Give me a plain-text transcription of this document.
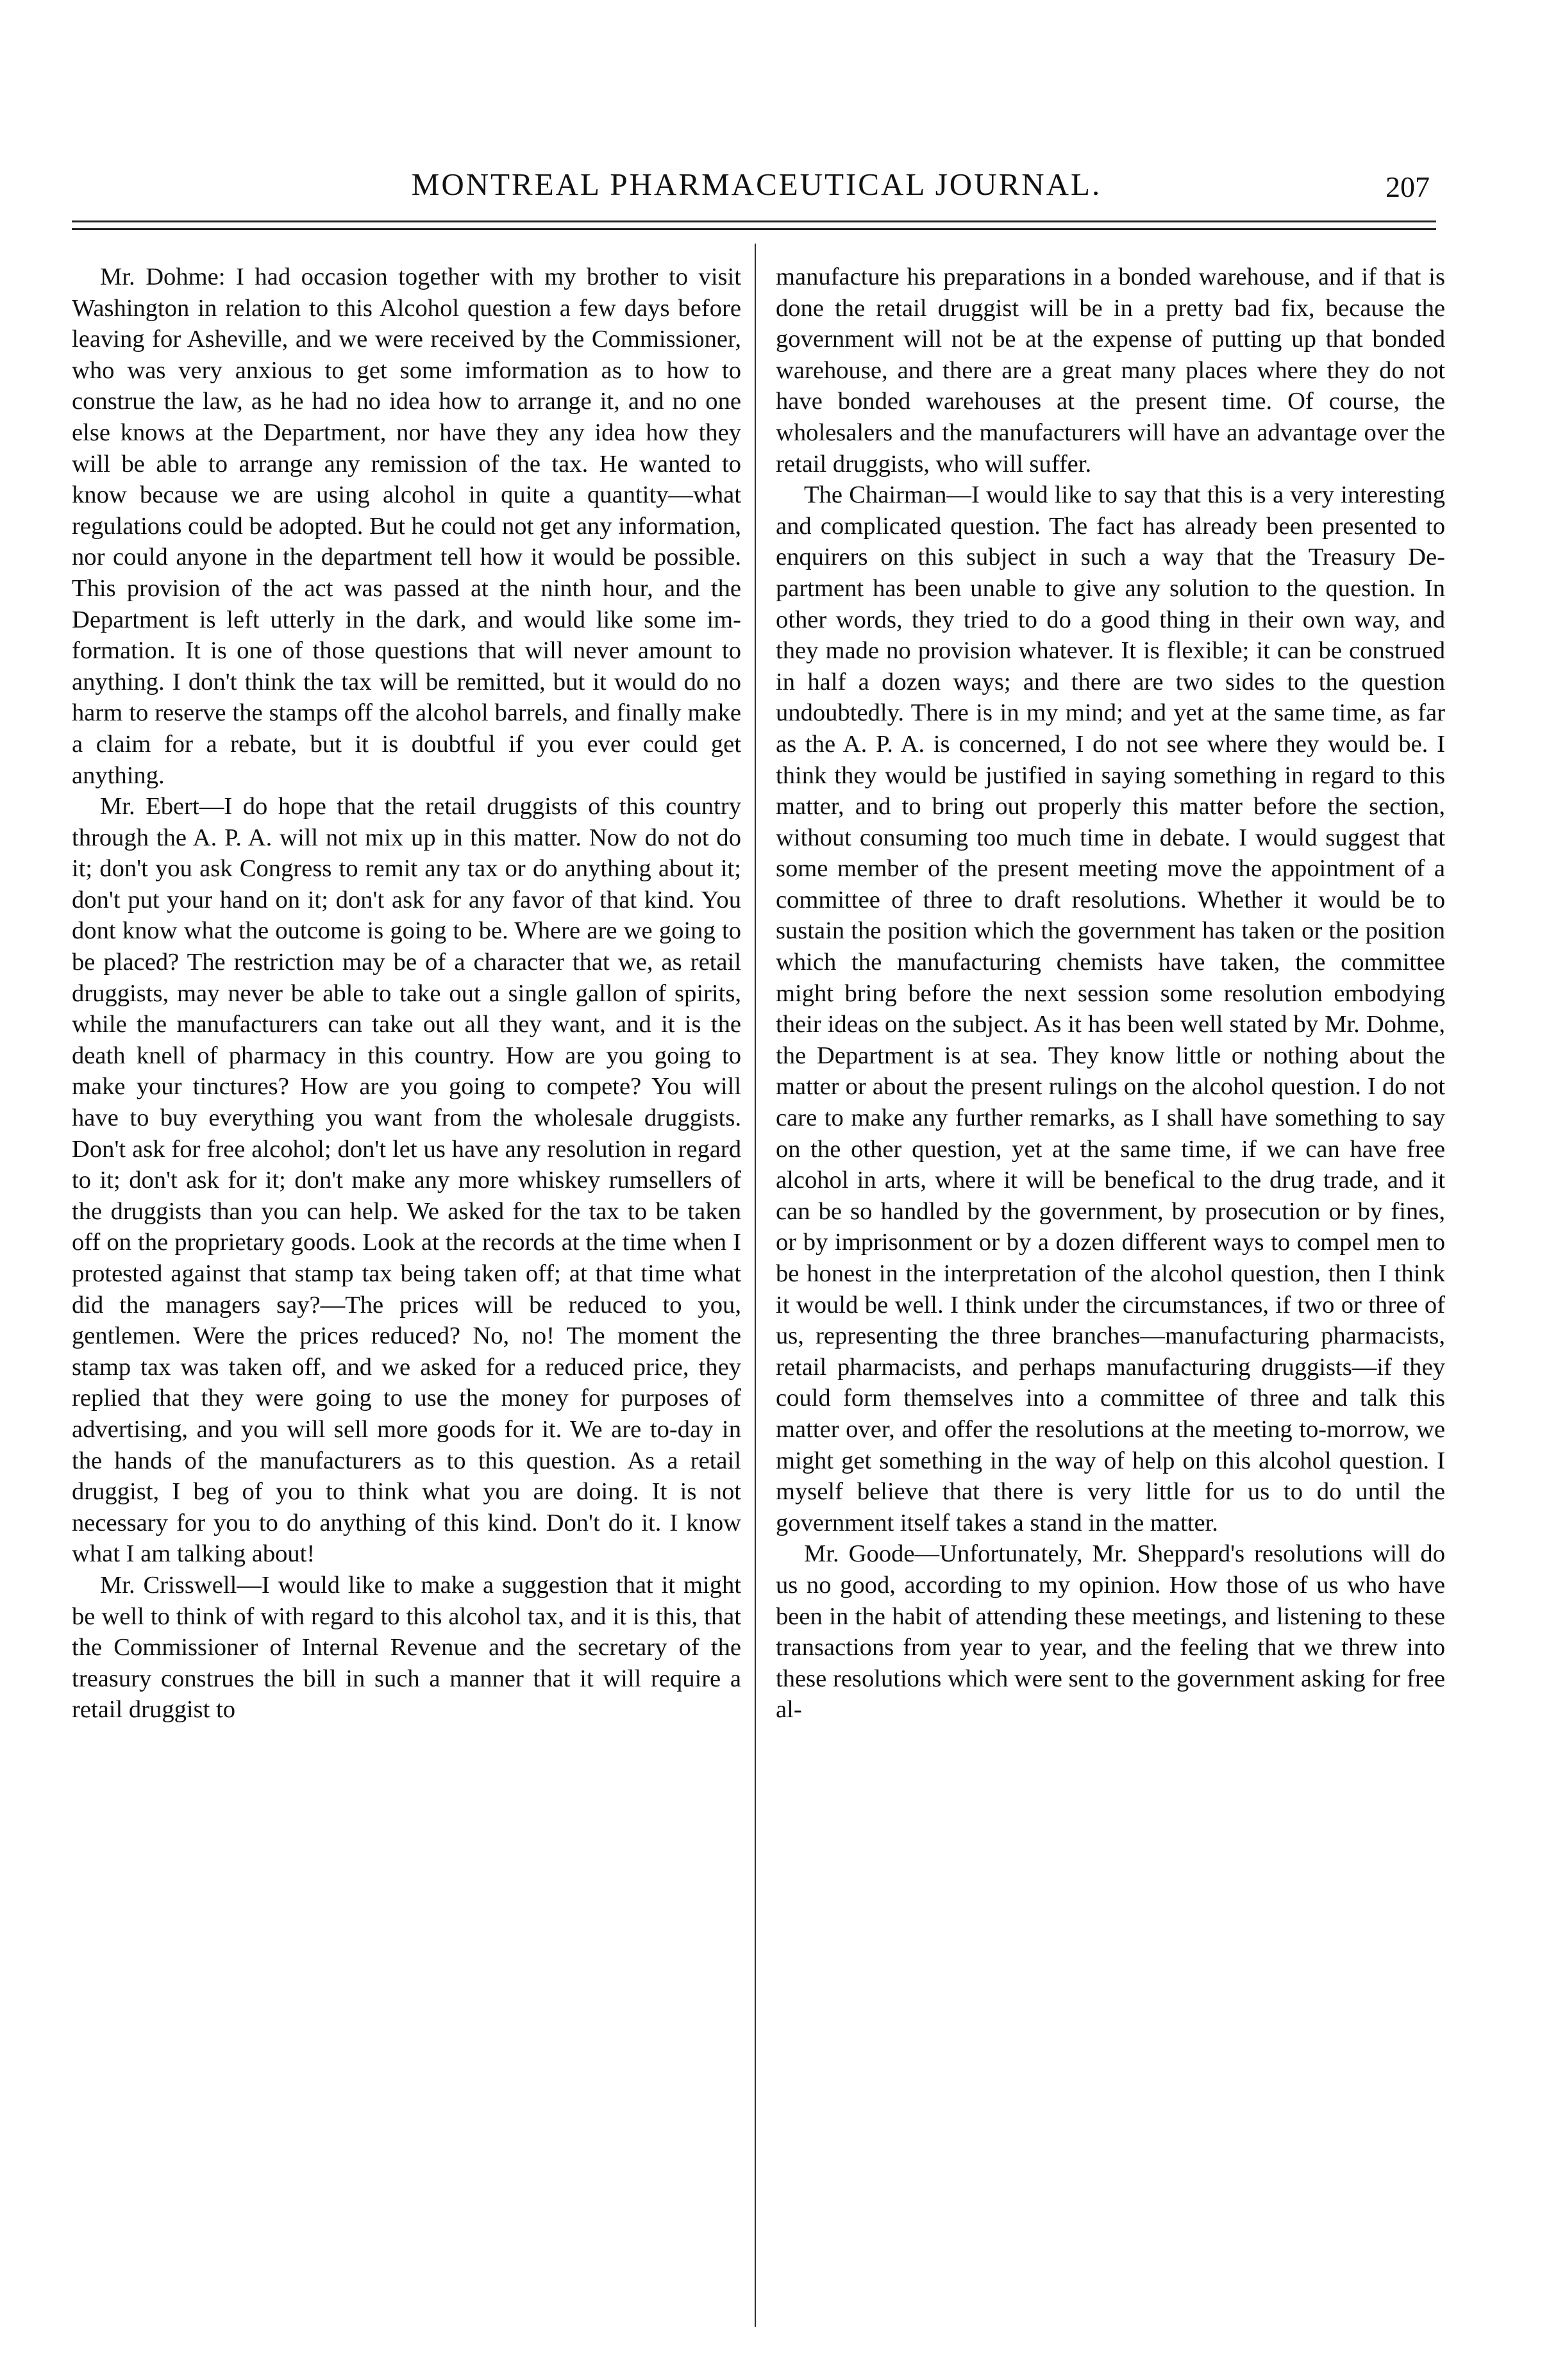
MONTREAL PHARMACEUTICAL JOURNAL.	207

Mr. Dohme: I had occasion together with my brother to visit Washington in relation to this Alcohol question a few days before leaving for Asheville, and we were received by the Commissioner, who was very anxious to get some imformation as to how to construe the law, as he had no idea how to arrange it, and no one else knows at the Department, nor have they any idea how they will be able to arrange any remission of the tax. He wanted to know because we are using alcohol in quite a quantity—what regulations could be adopted. But he could not get any information, nor could anyone in the department tell how it would be possible. This provision of the act was passed at the ninth hour, and the Department is left utterly in the dark, and would like some imformation. It is one of those questions that will never amount to anything. I don't think the tax will be remitted, but it would do no harm to reserve the stamps off the alcohol barrels, and finally make a claim for a rebate, but it is doubtful if you ever could get anything.

Mr. Ebert—I do hope that the retail druggists of this country through the A. P. A. will not mix up in this matter. Now do not do it; don't you ask Congress to remit any tax or do anything about it; don't put your hand on it; don't ask for any favor of that kind. You dont know what the outcome is going to be. Where are we going to be placed? The restriction may be of a character that we, as retail druggists, may never be able to take out a single gallon of spirits, while the manufacturers can take out all they want, and it is the death knell of pharmacy in this country. How are you going to make your tinctures? How are you going to compete? You will have to buy everything you want from the wholesale druggists. Don't ask for free alcohol; don't let us have any resolution in regard to it; don't ask for it; don't make any more whiskey rumsellers of the druggists than you can help. We asked for the tax to be taken off on the proprietary goods. Look at the records at the time when I protested against that stamp tax being taken off; at that time what did the managers say?—The prices will be reduced to you, gentlemen. Were the prices reduced? No, no! The moment the stamp tax was taken off, and we asked for a reduced price, they replied that they were going to use the money for purposes of advertising, and you will sell more goods for it. We are to-day in the hands of the manufacturers as to this question. As a retail druggist, I beg of you to think what you are doing. It is not necessary for you to do anything of this kind. Don't do it. I know what I am talking about!

Mr. Crisswell—I would like to make a suggestion that it might be well to think of with regard to this alcohol tax, and it is this, that the Commissioner of Internal Revenue and the secretary of the treasury construes the bill in such a manner that it will require a retail druggist to

manufacture his preparations in a bonded warehouse, and if that is done the retail druggist will be in a pretty bad fix, because the government will not be at the expense of putting up that bonded warehouse, and there are a great many places where they do not have bonded warehouses at the present time. Of course, the wholesalers and the manufacturers will have an advantage over the retail druggists, who will suffer.

The Chairman—I would like to say that this is a very interesting and complicated question. The fact has already been presented to enquirers on this subject in such a way that the Treasury Department has been unable to give any solution to the question. In other words, they tried to do a good thing in their own way, and they made no provision whatever. It is flexible; it can be construed in half a dozen ways; and there are two sides to the question undoubtedly. There is in my mind; and yet at the same time, as far as the A. P. A. is concerned, I do not see where they would be. I think they would be justified in saying something in regard to this matter, and to bring out properly this matter before the section, without consuming too much time in debate. I would suggest that some member of the present meeting move the appointment of a committee of three to draft resolutions. Whether it would be to sustain the position which the government has taken or the position which the manufacturing chemists have taken, the committee might bring before the next session some resolution embodying their ideas on the subject. As it has been well stated by Mr. Dohme, the Department is at sea. They know little or nothing about the matter or about the present rulings on the alcohol question. I do not care to make any further remarks, as I shall have something to say on the other question, yet at the same time, if we can have free alcohol in arts, where it will be benefical to the drug trade, and it can be so handled by the government, by prosecution or by fines, or by imprisonment or by a dozen different ways to compel men to be honest in the interpretation of the alcohol question, then I think it would be well. I think under the circumstances, if two or three of us, representing the three branches—manufacturing pharmacists, retail pharmacists, and perhaps manufacturing druggists—if they could form themselves into a committee of three and talk this matter over, and offer the resolutions at the meeting to-morrow, we might get something in the way of help on this alcohol question. I myself believe that there is very little for us to do until the government itself takes a stand in the matter.

Mr. Goode—Unfortunately, Mr. Sheppard's resolutions will do us no good, according to my opinion. How those of us who have been in the habit of attending these meetings, and listening to these transactions from year to year, and the feeling that we threw into these resolutions which were sent to the government asking for free al-
